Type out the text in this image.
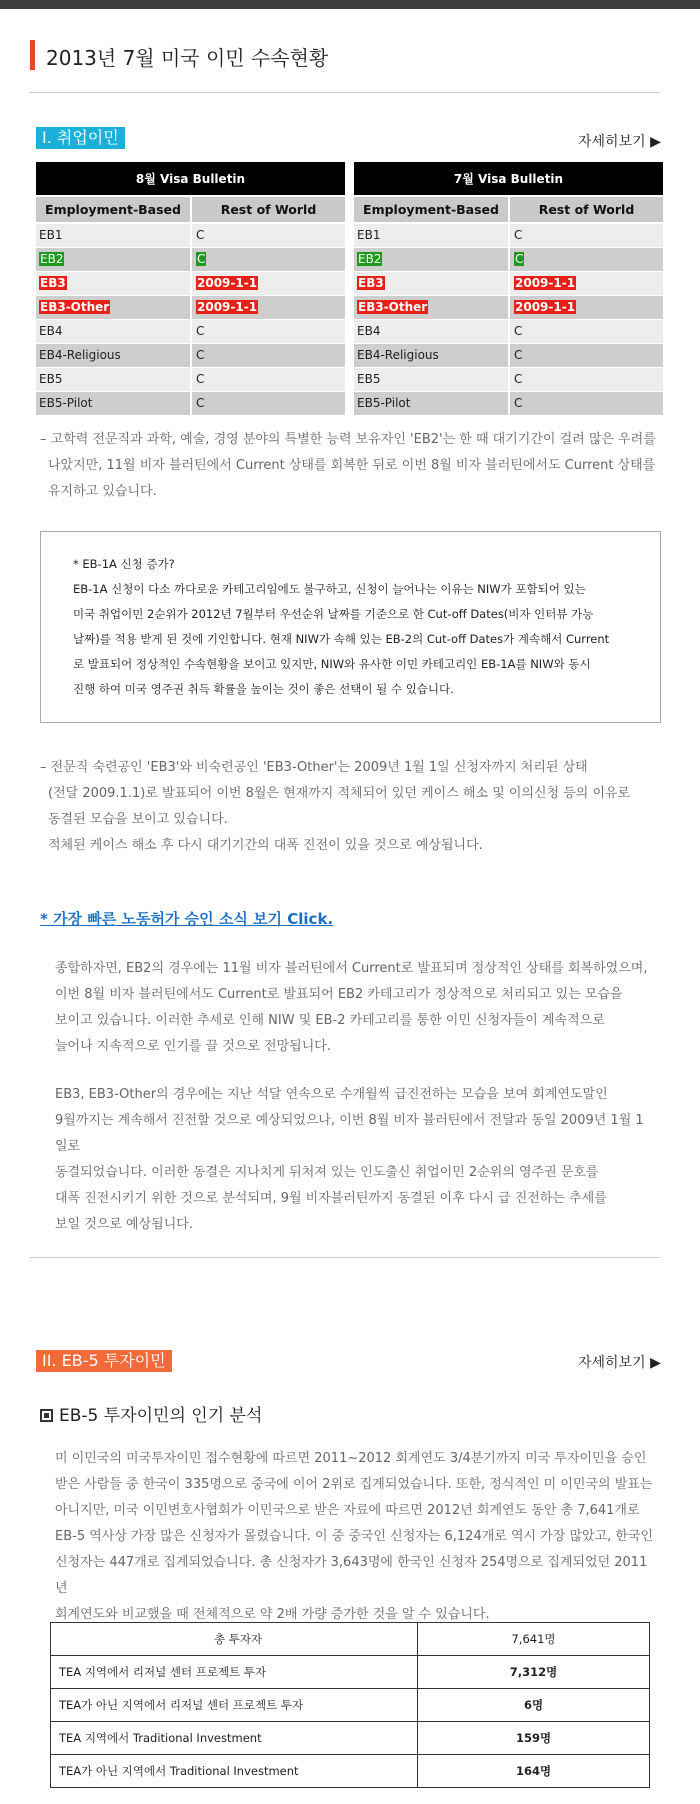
2013년 7월 미국 이민 수속현황
I. 취업이민	자세히보기 ▶
8월 Visa Bulletin	
Employment-Based	Rest of World
EB1	C
EB2	C
EB3	2009-1-1
EB3-Other	2009-1-1
EB4	C
EB4-Religious	C
EB5	C
EB5-Pilot	C
7월 Visa Bulletin	
Employment-Based	Rest of World
EB1	C
EB2	C
EB3	2009-1-1
EB3-Other	2009-1-1
EB4	C
EB4-Religious	C
EB5	C
EB5-Pilot	C
– 고학력 전문직과 과학, 예술, 경영 분야의 특별한 능력 보유자인 'EB2'는 한 때 대기기간이 걸려 많은 우려를
나았지만, 11월 비자 블러틴에서 Current 상태를 회복한 뒤로 이번 8월 비자 블러틴에서도 Current 상태를
유지하고 있습니다.
* EB-1A 신청 증가?
EB-1A 신청이 다소 까다로운 카테고리임에도 불구하고, 신청이 늘어나는 이유는 NIW가 포함되어 있는
미국 취업이민 2순위가 2012년 7월부터 우선순위 날짜를 기준으로 한 Cut-off Dates(비자 인터뷰 가능
날짜)를 적용 받게 된 것에 기인합니다. 현재 NIW가 속해 있는 EB-2의 Cut-off Dates가 계속해서 Current
로 발표되어 정상적인 수속현황을 보이고 있지만, NIW와 유사한 이민 카테고리인 EB-1A를 NIW와 동시
진행 하여 미국 영주권 취득 확률을 높이는 것이 좋은 선택이 될 수 있습니다.
– 전문직 숙련공인 'EB3'와 비숙련공인 'EB3-Other'는 2009년 1월 1일 신청자까지 처리된 상태
(전달 2009.1.1)로 발표되어 이번 8월은 현재까지 적체되어 있던 케이스 해소 및 이의신청 등의 이유로
동결된 모습을 보이고 있습니다.
적체된 케이스 해소 후 다시 대기기간의 대폭 진전이 있을 것으로 예상됩니다.
* 가장 빠른 노동허가 승인 소식 보기 Click.
종합하자면, EB2의 경우에는 11월 비자 블러틴에서 Current로 발표되며 정상적인 상태를 회복하였으며,
이번 8월 비자 블러틴에서도 Current로 발표되어 EB2 카테고리가 정상적으로 처리되고 있는 모습을
보이고 있습니다. 이러한 추세로 인해 NIW 및 EB-2 카테고리를 통한 이민 신청자들이 계속적으로
늘어나 지속적으로 인기를 끌 것으로 전망됩니다.
EB3, EB3-Other의 경우에는 지난 석달 연속으로 수개월씩 급진전하는 모습을 보여 회계연도말인
9월까지는 계속해서 진전할 것으로 예상되었으나, 이번 8월 비자 블러틴에서 전달과 동일 2009년 1월 1일로
동결되었습니다. 이러한 동결은 지나치게 뒤처져 있는 인도출신 취업이민 2순위의 영주권 문호를
대폭 진전시키기 위한 것으로 분석되며, 9월 비자블러틴까지 동결된 이후 다시 급 진전하는 추세를
보일 것으로 예상됩니다.
II. EB-5 투자이민	자세히보기 ▶
EB-5 투자이민의 인기 분석
미 이민국의 미국투자이민 접수현황에 따르면 2011~2012 회계연도 3/4분기까지 미국 투자이민을 승인
받은 사람들 중 한국이 335명으로 중국에 이어 2위로 집계되었습니다. 또한, 정식적인 미 이민국의 발표는
아니지만, 미국 이민변호사협회가 이민국으로 받은 자료에 따르면 2012년 회계연도 동안 총 7,641개로
EB-5 역사상 가장 많은 신청자가 몰렸습니다. 이 중 중국인 신청자는 6,124개로 역시 가장 많았고, 한국인
신청자는 447개로 집계되었습니다. 총 신청자가 3,643명에 한국인 신청자 254명으로 집계되었던 2011년
회계연도와 비교했을 때 전체적으로 약 2배 가량 증가한 것을 알 수 있습니다.
총 투자자	7,641명
TEA 지역에서 리저널 센터 프로젝트 투자	7,312명
TEA가 아닌 지역에서 리저널 센터 프로젝트 투자	6명
TEA 지역에서 Traditional Investment	159명
TEA가 아닌 지역에서 Traditional Investment	164명
